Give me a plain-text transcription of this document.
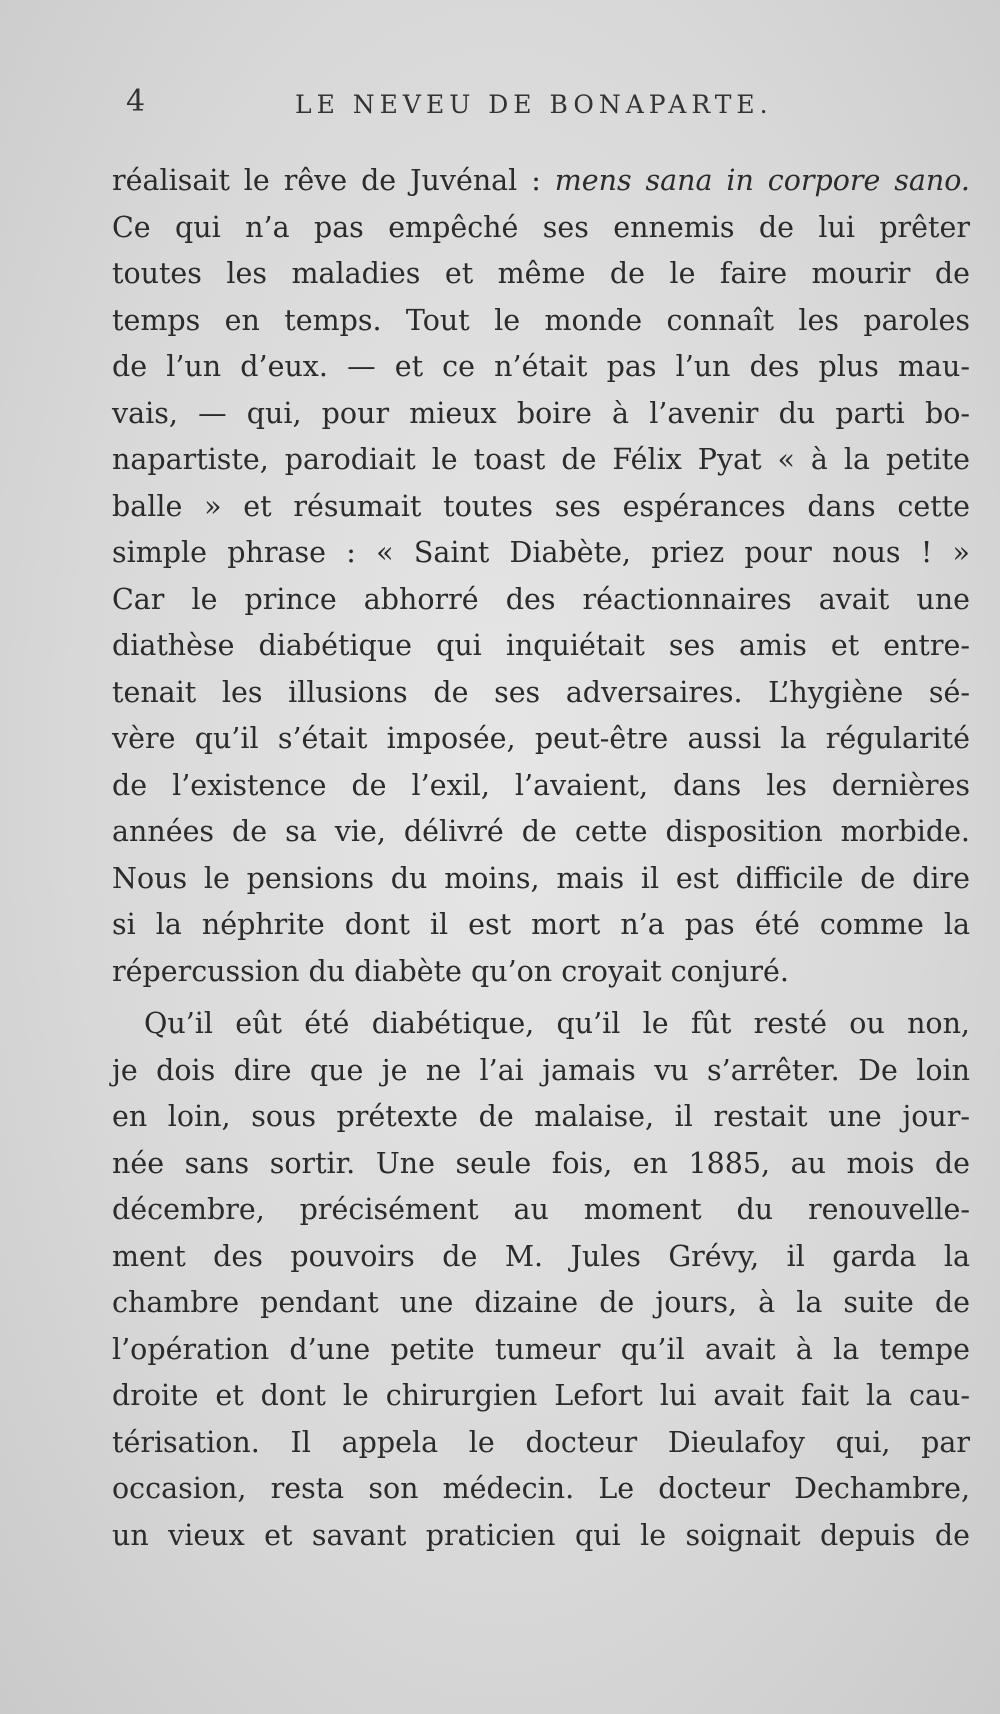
4	LE NEVEU DE BONAPARTE.
réalisait le rêve de Juvénal : mens sana in corpore sano.
Ce qui n’a pas empêché ses ennemis de lui prêter
toutes les maladies et même de le faire mourir de
temps en temps. Tout le monde connaît les paroles
de l’un d’eux. — et ce n’était pas l’un des plus mau-
vais, — qui, pour mieux boire à l’avenir du parti bo-
napartiste, parodiait le toast de Félix Pyat « à la petite
balle » et résumait toutes ses espérances dans cette
simple phrase : « Saint Diabète, priez pour nous ! »
Car le prince abhorré des réactionnaires avait une
diathèse diabétique qui inquiétait ses amis et entre-
tenait les illusions de ses adversaires. L’hygiène sé-
vère qu’il s’était imposée, peut-être aussi la régularité
de l’existence de l’exil, l’avaient, dans les dernières
années de sa vie, délivré de cette disposition morbide.
Nous le pensions du moins, mais il est difficile de dire
si la néphrite dont il est mort n’a pas été comme la
répercussion du diabète qu’on croyait conjuré.
Qu’il eût été diabétique, qu’il le fût resté ou non,
je dois dire que je ne l’ai jamais vu s’arrêter. De loin
en loin, sous prétexte de malaise, il restait une jour-
née sans sortir. Une seule fois, en 1885, au mois de
décembre, précisément au moment du renouvelle-
ment des pouvoirs de M. Jules Grévy, il garda la
chambre pendant une dizaine de jours, à la suite de
l’opération d’une petite tumeur qu’il avait à la tempe
droite et dont le chirurgien Lefort lui avait fait la cau-
térisation. Il appela le docteur Dieulafoy qui, par
occasion, resta son médecin. Le docteur Dechambre,
un vieux et savant praticien qui le soignait depuis de
